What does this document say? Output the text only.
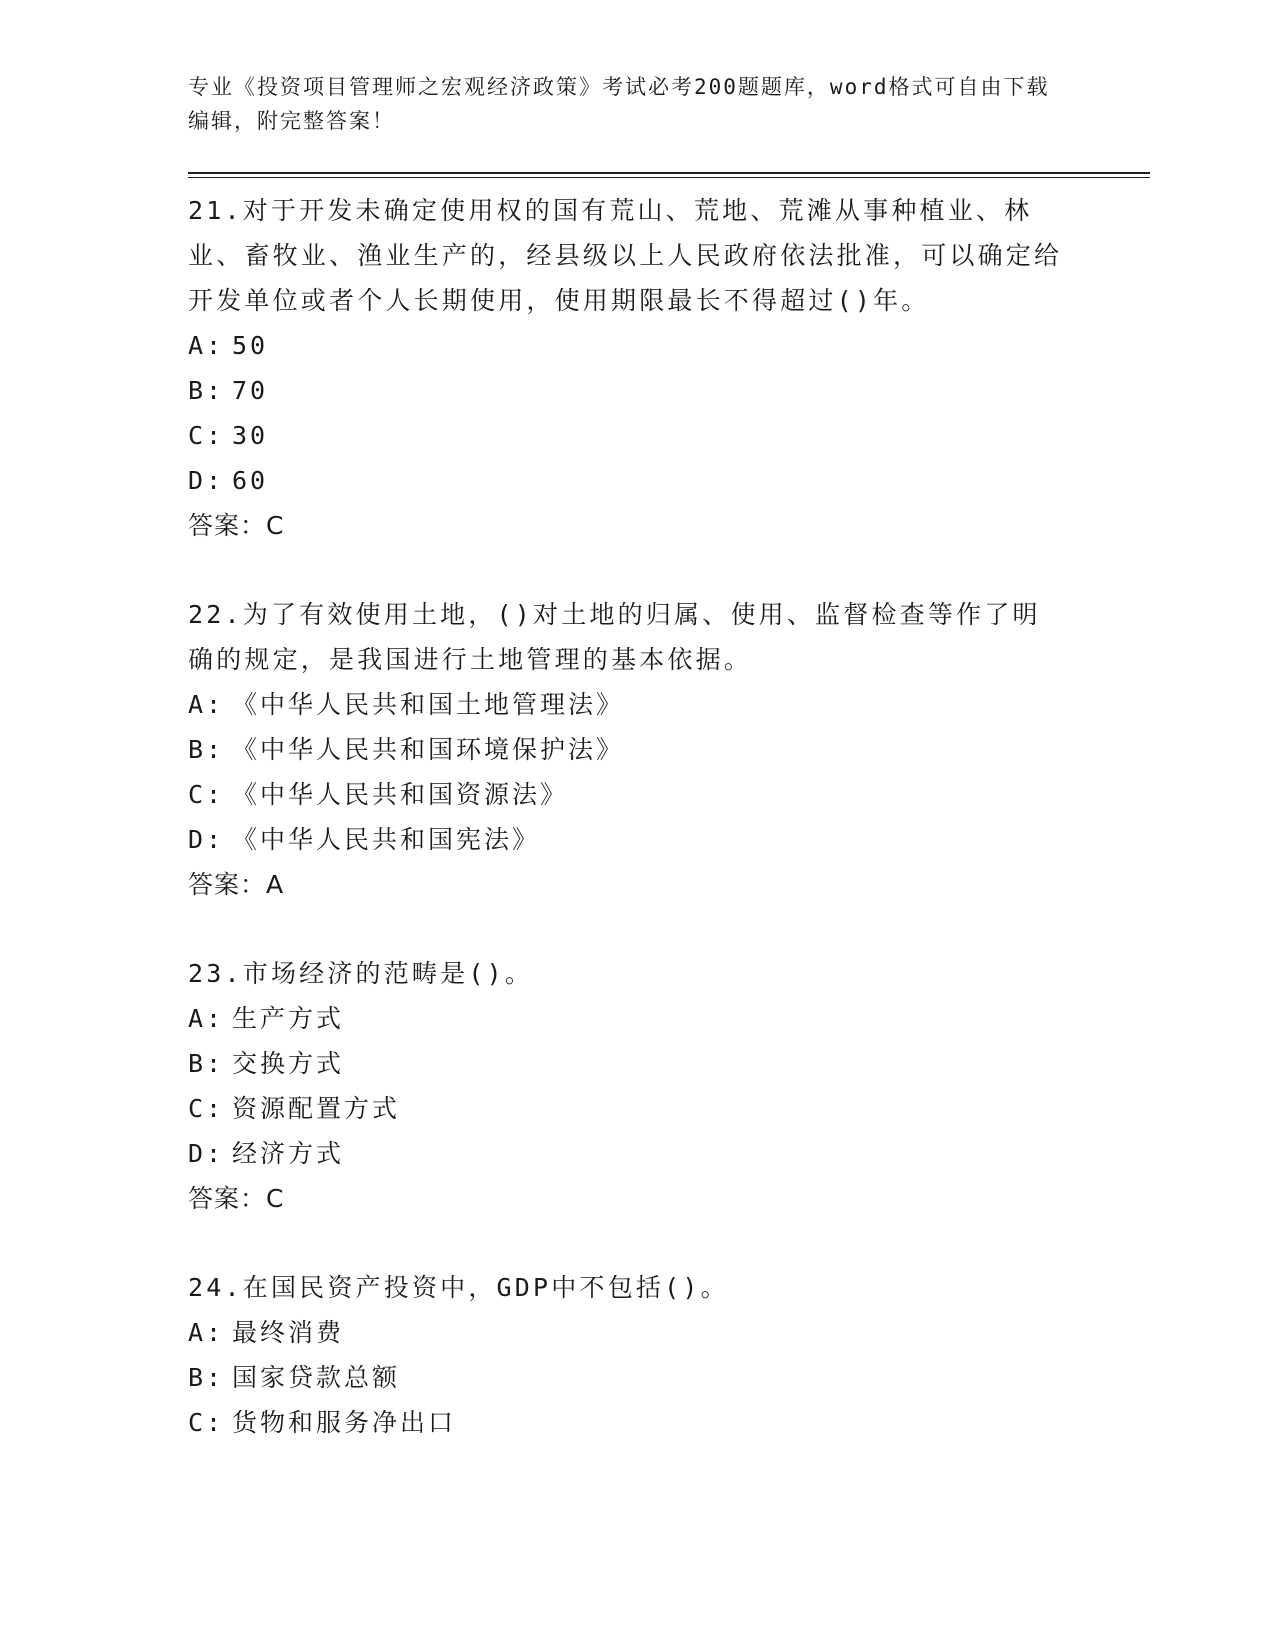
专业《投资项目管理师之宏观经济政策》考试必考200题题库，word格式可自由下载编辑，附完整答案！

21.对于开发未确定使用权的国有荒山、荒地、荒滩从事种植业、林业、畜牧业、渔业生产的，经县级以上人民政府依法批准，可以确定给开发单位或者个人长期使用，使用期限最长不得超过()年。

A: 50

B: 70

C: 30

D: 60

答案：C

22.为了有效使用土地，()对土地的归属、使用、监督检查等作了明确的规定，是我国进行土地管理的基本依据。

A: 《中华人民共和国土地管理法》

B: 《中华人民共和国环境保护法》

C: 《中华人民共和国资源法》

D: 《中华人民共和国宪法》

答案：A

23.市场经济的范畴是()。

A: 生产方式

B: 交换方式

C: 资源配置方式

D: 经济方式

答案：C

24.在国民资产投资中，GDP中不包括()。

A: 最终消费

B: 国家贷款总额

C: 货物和服务净出口
